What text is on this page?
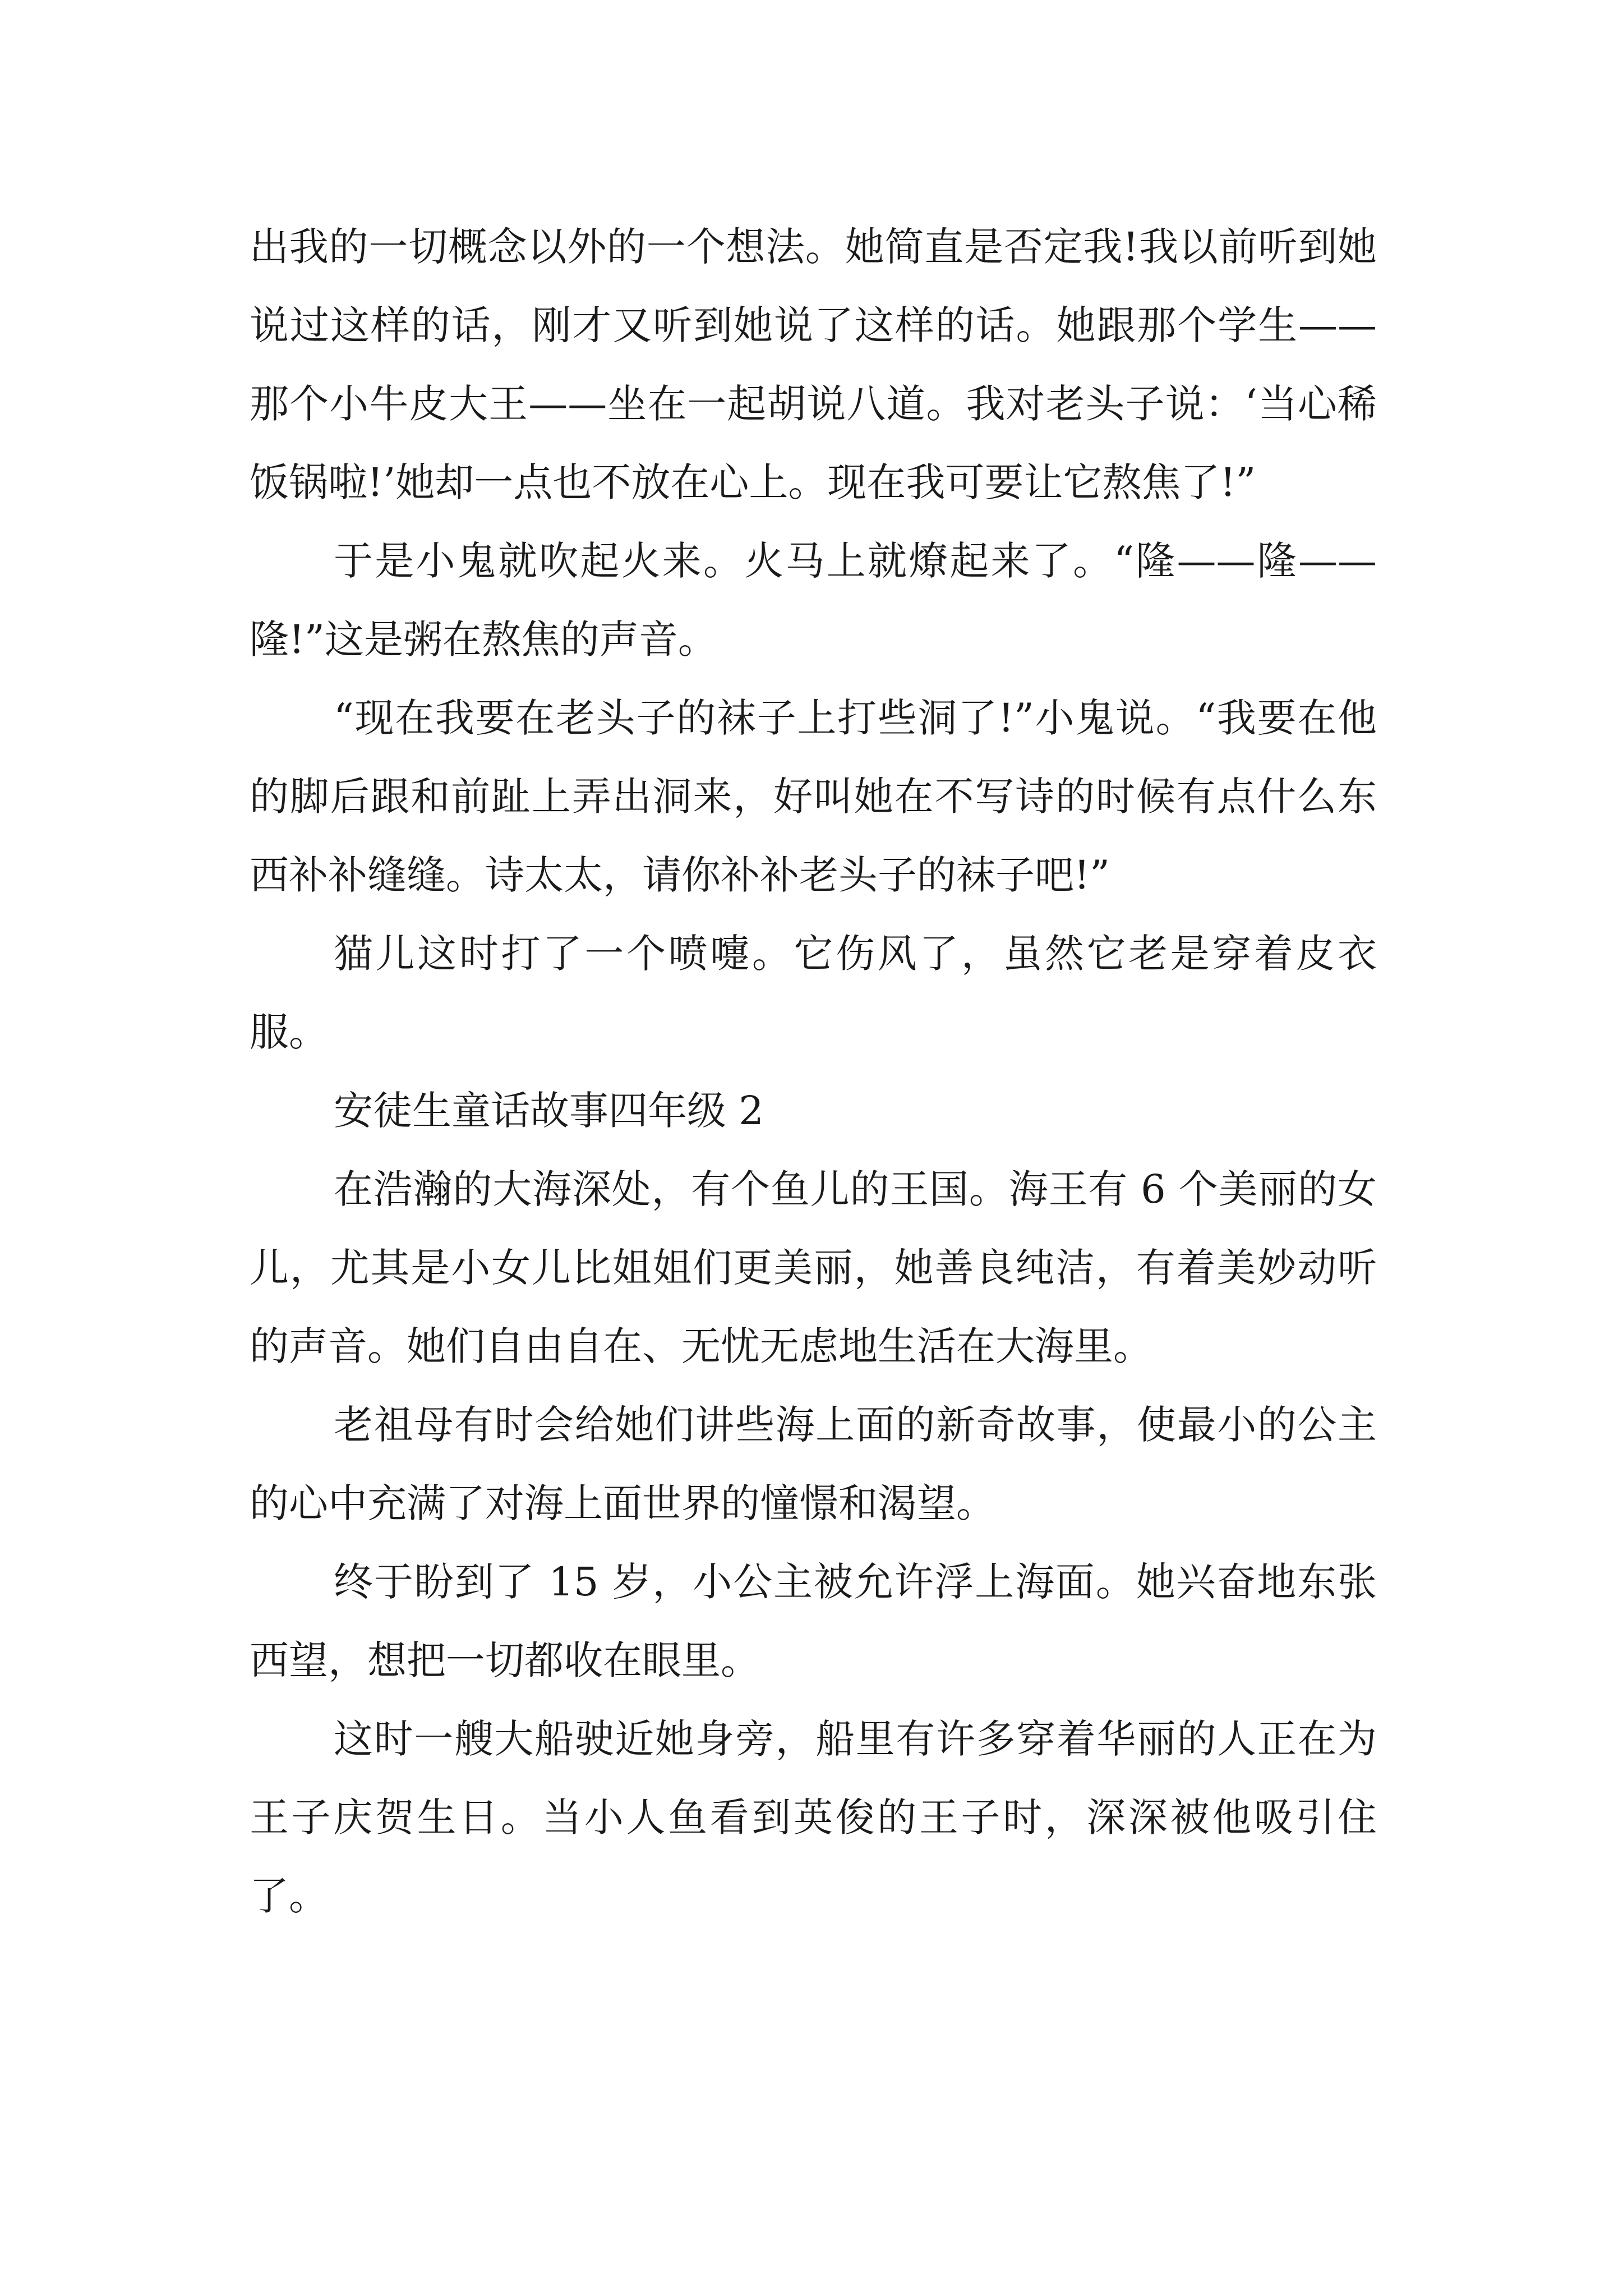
出我的一切概念以外的一个想法。她简直是否定我!我以前听到她说过这样的话，刚才又听到她说了这样的话。她跟那个学生——那个小牛皮大王——坐在一起胡说八道。我对老头子说：‘当心稀饭锅啦!’她却一点也不放在心上。现在我可要让它熬焦了!”

于是小鬼就吹起火来。火马上就燎起来了。“隆——隆——隆!”这是粥在熬焦的声音。

“现在我要在老头子的袜子上打些洞了!”小鬼说。“我要在他的脚后跟和前趾上弄出洞来，好叫她在不写诗的时候有点什么东西补补缝缝。诗太太，请你补补老头子的袜子吧!”

猫儿这时打了一个喷嚏。它伤风了，虽然它老是穿着皮衣服。

安徒生童话故事四年级 2

在浩瀚的大海深处，有个鱼儿的王国。海王有 6 个美丽的女儿，尤其是小女儿比姐姐们更美丽，她善良纯洁，有着美妙动听的声音。她们自由自在、无忧无虑地生活在大海里。

老祖母有时会给她们讲些海上面的新奇故事，使最小的公主的心中充满了对海上面世界的憧憬和渴望。

终于盼到了 15 岁，小公主被允许浮上海面。她兴奋地东张西望，想把一切都收在眼里。

这时一艘大船驶近她身旁，船里有许多穿着华丽的人正在为王子庆贺生日。当小人鱼看到英俊的王子时，深深被他吸引住了。
